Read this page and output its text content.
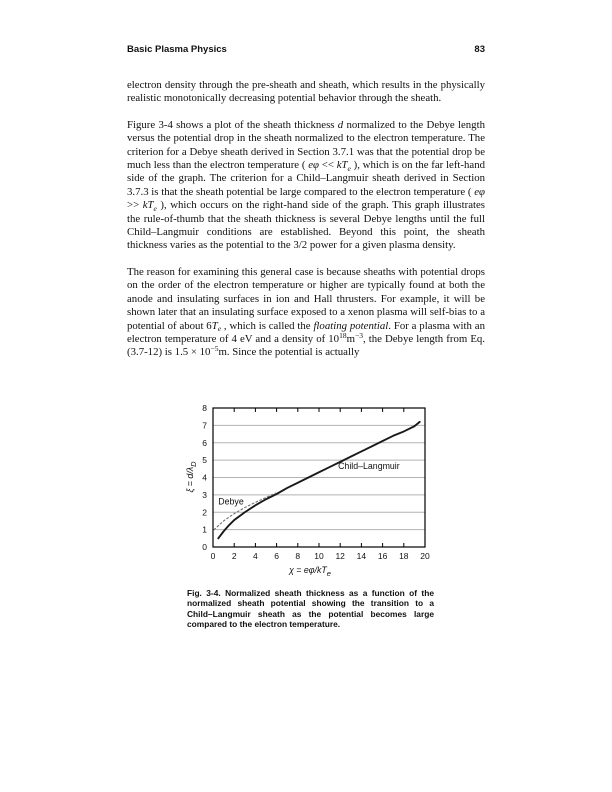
Basic Plasma Physics	83

electron density through the pre-sheath and sheath, which results in the physically realistic monotonically decreasing potential behavior through the sheath.

Figure 3-4 shows a plot of the sheath thickness d normalized to the Debye length versus the potential drop in the sheath normalized to the electron temperature. The criterion for a Debye sheath derived in Section 3.7.1 was that the potential drop be much less than the electron temperature ( $e\varphi << kT_e$ ), which is on the far left-hand side of the graph. The criterion for a Child–Langmuir sheath derived in Section 3.7.3 is that the sheath potential be large compared to the electron temperature ( $e\varphi >> kT_e$ ), which occurs on the right-hand side of the graph. This graph illustrates the rule-of-thumb that the sheath thickness is several Debye lengths until the full Child–Langmuir conditions are established. Beyond this point, the sheath thickness varies as the potential to the 3/2 power for a given plasma density.

The reason for examining this general case is because sheaths with potential drops on the order of the electron temperature or higher are typically found at both the anode and insulating surfaces in ion and Hall thrusters. For example, it will be shown later that an insulating surface exposed to a xenon plasma will self-bias to a potential of about $6T_e$ , which is called the floating potential. For a plasma with an electron temperature of 4 eV and a density of $10^{18}m^{-3}$, the Debye length from Eq. (3.7-12) is $1.5 \times 10^{-5}m$. Since the potential is actually

0 2 4 6 8 10 12 14 16 18 20
0
1
2
3
4
5
6
7
8
Debye
Child–Langmuir
ξ = d/λD
χ = eφ/kTe
Fig. 3-4. Normalized sheath thickness as a function of the normalized sheath potential showing the transition to a Child–Langmuir sheath as the potential becomes large compared to the electron temperature.
